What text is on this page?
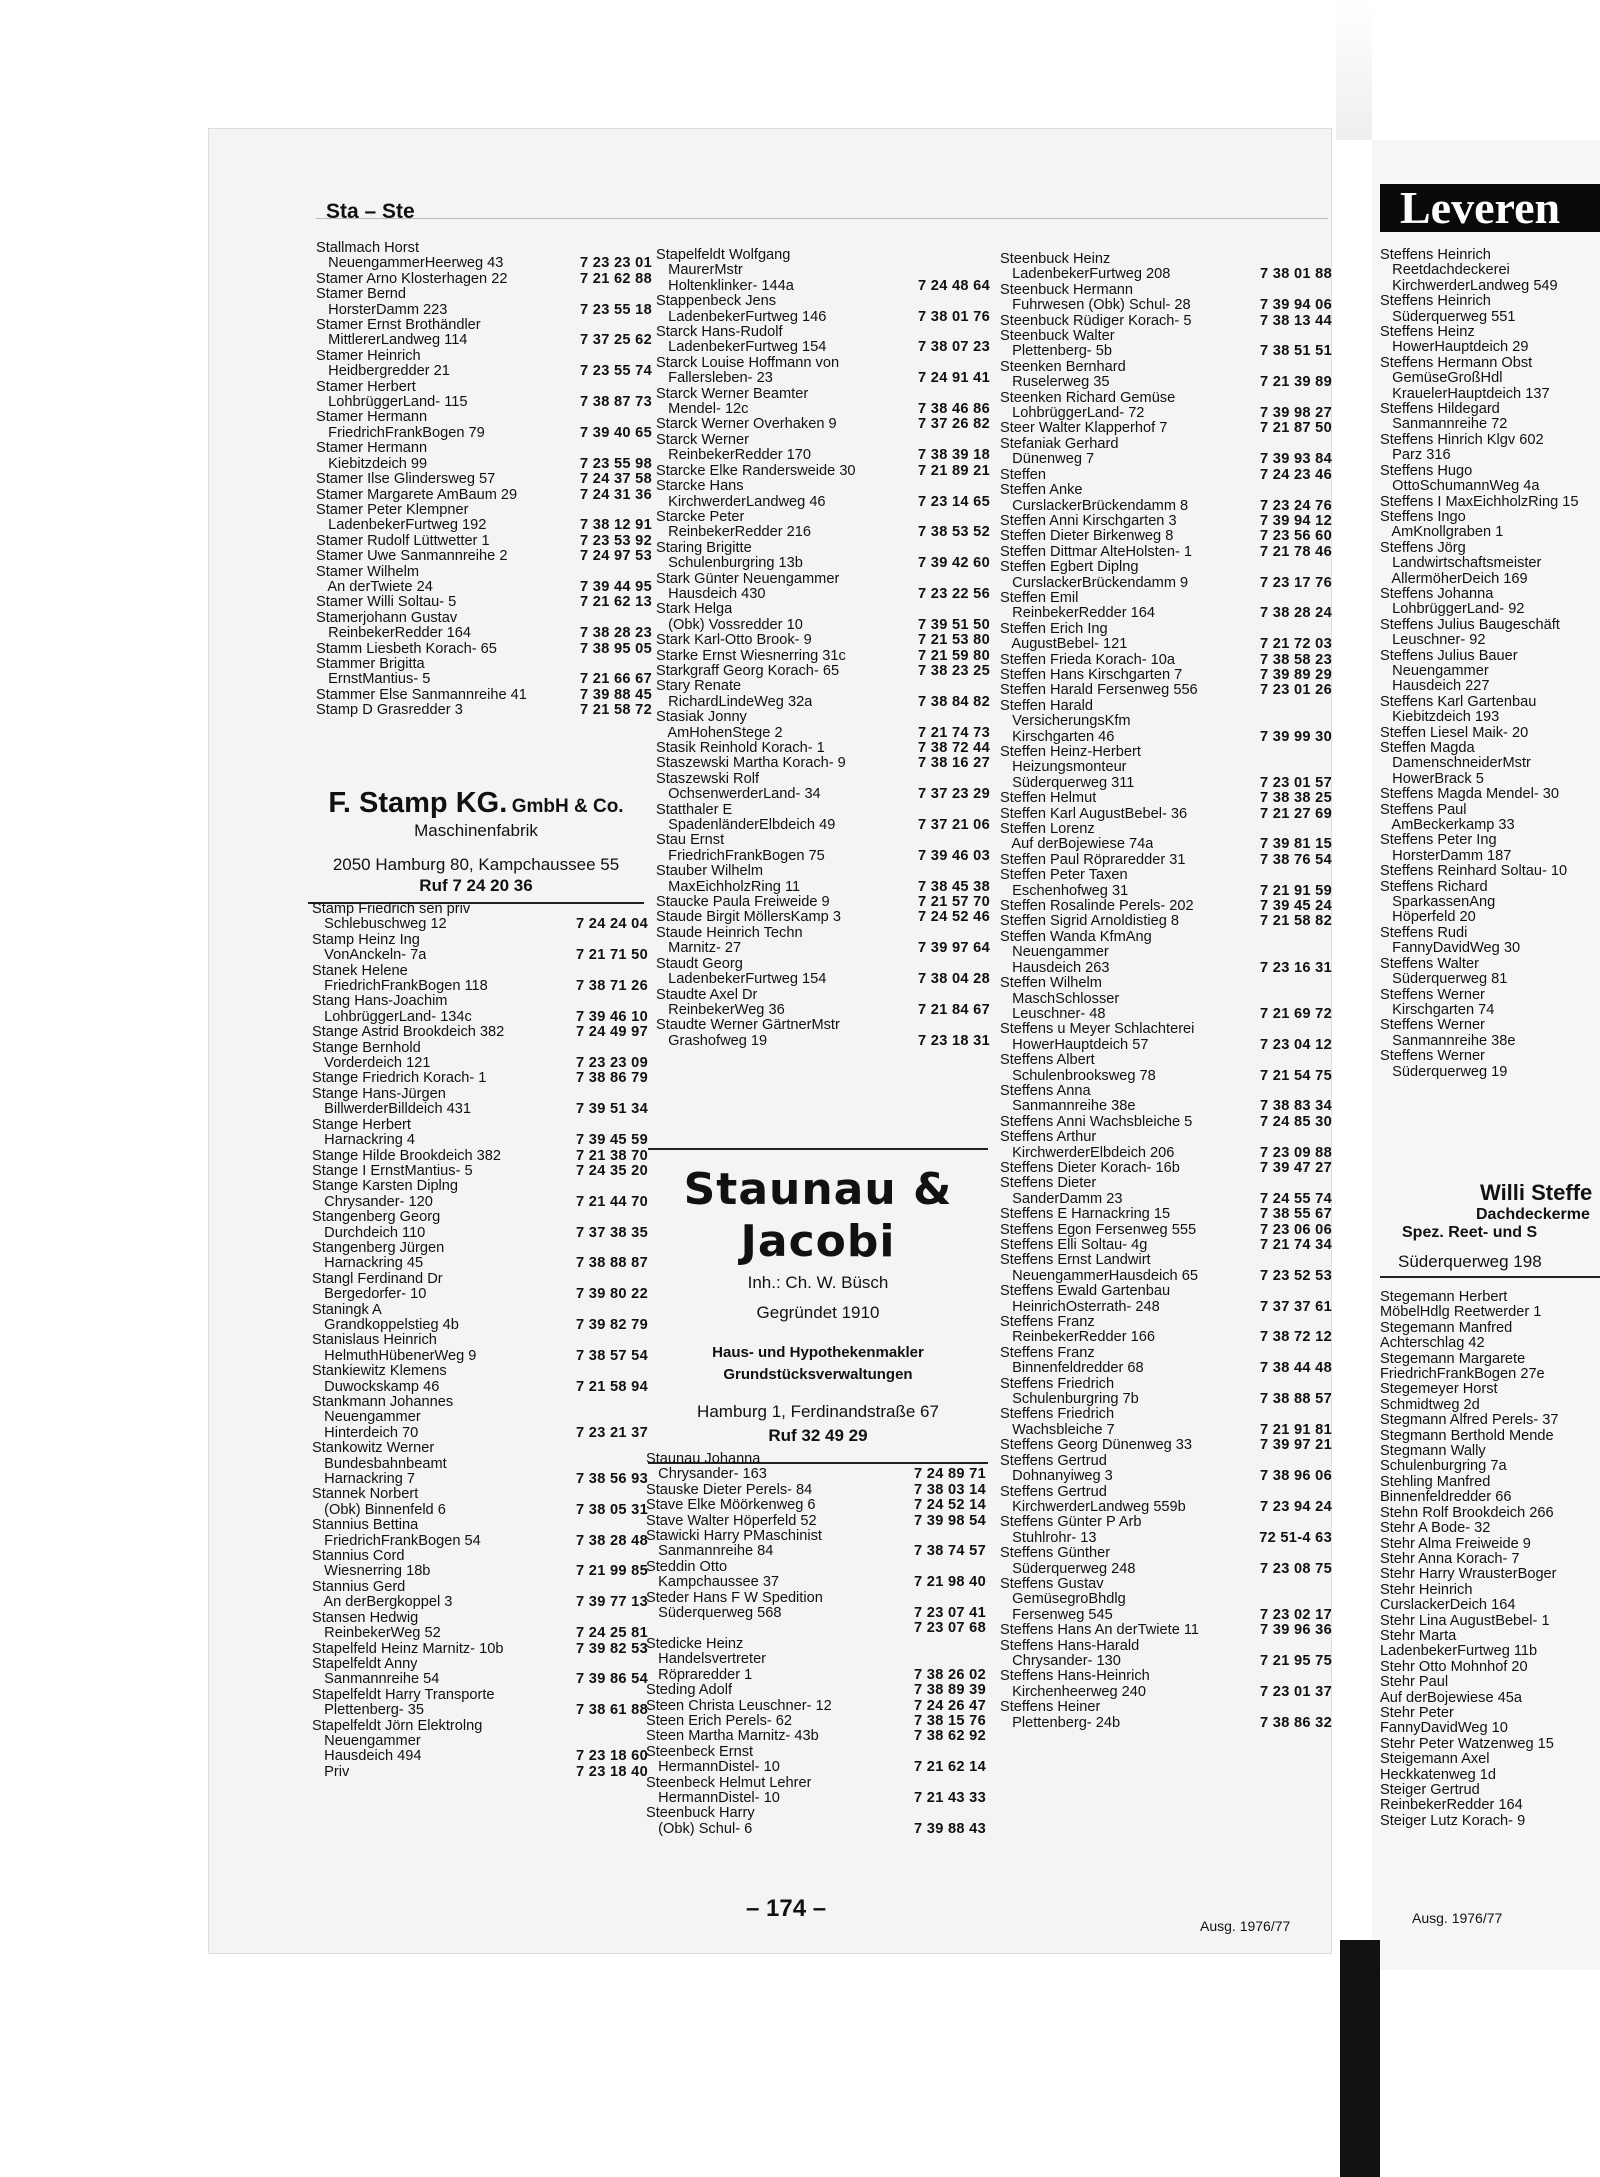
Sta – Ste
Stallmach Horst
NeuengammerHeerweg 43	7 23 23 01
Stamer Arno Klosterhagen 22	7 21 62 88
Stamer Bernd
HorsterDamm 223	7 23 55 18
Stamer Ernst Brothändler
MittlererLandweg 114	7 37 25 62
Stamer Heinrich
Heidbergredder 21	7 23 55 74
Stamer Herbert
LohbrüggerLand- 115	7 38 87 73
Stamer Hermann
FriedrichFrankBogen 79	7 39 40 65
Stamer Hermann
Kiebitzdeich 99	7 23 55 98
Stamer Ilse Glindersweg 57	7 24 37 58
Stamer Margarete AmBaum 29	7 24 31 36
Stamer Peter Klempner
LadenbekerFurtweg 192	7 38 12 91
Stamer Rudolf Lüttwetter 1	7 23 53 92
Stamer Uwe Sanmannreihe 2	7 24 97 53
Stamer Wilhelm
An derTwiete 24	7 39 44 95
Stamer Willi Soltau- 5	7 21 62 13
Stamerjohann Gustav
ReinbekerRedder 164	7 38 28 23
Stamm Liesbeth Korach- 65	7 38 95 05
Stammer Brigitta
ErnstMantius- 5	7 21 66 67
Stammer Else Sanmannreihe 41	7 39 88 45
Stamp D Grasredder 3	7 21 58 72
F. Stamp KG. GmbH & Co.
Maschinenfabrik
2050 Hamburg 80, Kampchaussee 55
Ruf 7 24 20 36
Stamp Friedrich sen priv
Schlebuschweg 12	7 24 24 04
Stamp Heinz Ing
VonAnckeln- 7a	7 21 71 50
Stanek Helene
FriedrichFrankBogen 118	7 38 71 26
Stang Hans-Joachim
LohbrüggerLand- 134c	7 39 46 10
Stange Astrid Brookdeich 382	7 24 49 97
Stange Bernhold
Vorderdeich 121	7 23 23 09
Stange Friedrich Korach- 1	7 38 86 79
Stange Hans-Jürgen
BillwerderBilldeich 431	7 39 51 34
Stange Herbert
Harnackring 4	7 39 45 59
Stange Hilde Brookdeich 382	7 21 38 70
Stange I ErnstMantius- 5	7 24 35 20
Stange Karsten Diplng
Chrysander- 120	7 21 44 70
Stangenberg Georg
Durchdeich 110	7 37 38 35
Stangenberg Jürgen
Harnackring 45	7 38 88 87
Stangl Ferdinand Dr
Bergedorfer- 10	7 39 80 22
Staningk A
Grandkoppelstieg 4b	7 39 82 79
Stanislaus Heinrich
HelmuthHübenerWeg 9	7 38 57 54
Stankiewitz Klemens
Duwockskamp 46	7 21 58 94
Stankmann Johannes
Neuengammer
Hinterdeich 70	7 23 21 37
Stankowitz Werner
Bundesbahnbeamt
Harnackring 7	7 38 56 93
Stannek Norbert
(Obk) Binnenfeld 6	7 38 05 31
Stannius Bettina
FriedrichFrankBogen 54	7 38 28 48
Stannius Cord
Wiesnerring 18b	7 21 99 85
Stannius Gerd
An derBergkoppel 3	7 39 77 13
Stansen Hedwig
ReinbekerWeg 52	7 24 25 81
Stapelfeld Heinz Marnitz- 10b	7 39 82 53
Stapelfeldt Anny
Sanmannreihe 54	7 39 86 54
Stapelfeldt Harry Transporte
Plettenberg- 35	7 38 61 88
Stapelfeldt Jörn Elektrolng
Neuengammer
Hausdeich 494	7 23 18 60
Priv	7 23 18 40
Stapelfeldt Wolfgang
MaurerMstr
Holtenklinker- 144a	7 24 48 64
Stappenbeck Jens
LadenbekerFurtweg 146	7 38 01 76
Starck Hans-Rudolf
LadenbekerFurtweg 154	7 38 07 23
Starck Louise Hoffmann von
Fallersleben- 23	7 24 91 41
Starck Werner Beamter
Mendel- 12c	7 38 46 86
Starck Werner Overhaken 9	7 37 26 82
Starck Werner
ReinbekerRedder 170	7 38 39 18
Starcke Elke Randersweide 30	7 21 89 21
Starcke Hans
KirchwerderLandweg 46	7 23 14 65
Starcke Peter
ReinbekerRedder 216	7 38 53 52
Staring Brigitte
Schulenburgring 13b	7 39 42 60
Stark Günter Neuengammer
Hausdeich 430	7 23 22 56
Stark Helga
(Obk) Vossredder 10	7 39 51 50
Stark Karl-Otto Brook- 9	7 21 53 80
Starke Ernst Wiesnerring 31c	7 21 59 80
Starkgraff Georg Korach- 65	7 38 23 25
Stary Renate
RichardLindeWeg 32a	7 38 84 82
Stasiak Jonny
AmHohenStege 2	7 21 74 73
Stasik Reinhold Korach- 1	7 38 72 44
Staszewski Martha Korach- 9	7 38 16 27
Staszewski Rolf
OchsenwerderLand- 34	7 37 23 29
Statthaler E
SpadenländerElbdeich 49	7 37 21 06
Stau Ernst
FriedrichFrankBogen 75	7 39 46 03
Stauber Wilhelm
MaxEichholzRing 11	7 38 45 38
Staucke Paula Freiweide 9	7 21 57 70
Staude Birgit MöllersKamp 3	7 24 52 46
Staude Heinrich Techn
Marnitz- 27	7 39 97 64
Staudt Georg
LadenbekerFurtweg 154	7 38 04 28
Staudte Axel Dr
ReinbekerWeg 36	7 21 84 67
Staudte Werner GärtnerMstr
Grashofweg 19	7 23 18 31
Staunau & Jacobi
Inh.: Ch. W. Büsch
Gegründet 1910
Haus- und Hypothekenmakler
Grundstücksverwaltungen
Hamburg 1, Ferdinandstraße 67
Ruf 32 49 29
Staunau Johanna
Chrysander- 163	7 24 89 71
Stauske Dieter Perels- 84	7 38 03 14
Stave Elke Möörkenweg 6	7 24 52 14
Stave Walter Höperfeld 52	7 39 98 54
Stawicki Harry PMaschinist
Sanmannreihe 84	7 38 74 57
Steddin Otto
Kampchaussee 37	7 21 98 40
Steder Hans F W Spedition
Süderquerweg 568	7 23 07 41
7 23 07 68
Stedicke Heinz
Handelsvertreter
Röpraredder 1	7 38 26 02
Steding Adolf	7 38 89 39
Steen Christa Leuschner- 12	7 24 26 47
Steen Erich Perels- 62	7 38 15 76
Steen Martha Marnitz- 43b	7 38 62 92
Steenbeck Ernst
HermannDistel- 10	7 21 62 14
Steenbeck Helmut Lehrer
HermannDistel- 10	7 21 43 33
Steenbuck Harry
(Obk) Schul- 6	7 39 88 43
Steenbuck Heinz
LadenbekerFurtweg 208	7 38 01 88
Steenbuck Hermann
Fuhrwesen (Obk) Schul- 28	7 39 94 06
Steenbuck Rüdiger Korach- 5	7 38 13 44
Steenbuck Walter
Plettenberg- 5b	7 38 51 51
Steenken Bernhard
Ruselerweg 35	7 21 39 89
Steenken Richard Gemüse
LohbrüggerLand- 72	7 39 98 27
Steer Walter Klapperhof 7	7 21 87 50
Stefaniak Gerhard
Dünenweg 7	7 39 93 84
Steffen	7 24 23 46
Steffen Anke
CurslackerBrückendamm 8	7 23 24 76
Steffen Anni Kirschgarten 3	7 39 94 12
Steffen Dieter Birkenweg 8	7 23 56 60
Steffen Dittmar AlteHolsten- 1	7 21 78 46
Steffen Egbert Diplng
CurslackerBrückendamm 9	7 23 17 76
Steffen Emil
ReinbekerRedder 164	7 38 28 24
Steffen Erich Ing
AugustBebel- 121	7 21 72 03
Steffen Frieda Korach- 10a	7 38 58 23
Steffen Hans Kirschgarten 7	7 39 89 29
Steffen Harald Fersenweg 556	7 23 01 26
Steffen Harald
VersicherungsKfm
Kirschgarten 46	7 39 99 30
Steffen Heinz-Herbert
Heizungsmonteur
Süderquerweg 311	7 23 01 57
Steffen Helmut	7 38 38 25
Steffen Karl AugustBebel- 36	7 21 27 69
Steffen Lorenz
Auf derBojewiese 74a	7 39 81 15
Steffen Paul Röpraredder 31	7 38 76 54
Steffen Peter Taxen
Eschenhofweg 31	7 21 91 59
Steffen Rosalinde Perels- 202	7 39 45 24
Steffen Sigrid Arnoldistieg 8	7 21 58 82
Steffen Wanda KfmAng
Neuengammer
Hausdeich 263	7 23 16 31
Steffen Wilhelm
MaschSchlosser
Leuschner- 48	7 21 69 72
Steffens u Meyer Schlachterei
HowerHauptdeich 57	7 23 04 12
Steffens Albert
Schulenbrooksweg 78	7 21 54 75
Steffens Anna
Sanmannreihe 38e	7 38 83 34
Steffens Anni Wachsbleiche 5	7 24 85 30
Steffens Arthur
KirchwerderElbdeich 206	7 23 09 88
Steffens Dieter Korach- 16b	7 39 47 27
Steffens Dieter
SanderDamm 23	7 24 55 74
Steffens E Harnackring 15	7 38 55 67
Steffens Egon Fersenweg 555	7 23 06 06
Steffens Elli Soltau- 4g	7 21 74 34
Steffens Ernst Landwirt
NeuengammerHausdeich 65	7 23 52 53
Steffens Ewald Gartenbau
HeinrichOsterrath- 248	7 37 37 61
Steffens Franz
ReinbekerRedder 166	7 38 72 12
Steffens Franz
Binnenfeldredder 68	7 38 44 48
Steffens Friedrich
Schulenburgring 7b	7 38 88 57
Steffens Friedrich
Wachsbleiche 7	7 21 91 81
Steffens Georg Dünenweg 33	7 39 97 21
Steffens Gertrud
Dohnanyiweg 3	7 38 96 06
Steffens Gertrud
KirchwerderLandweg 559b	7 23 94 24
Steffens Günter P Arb
Stuhlrohr- 13	72 51-4 63
Steffens Günther
Süderquerweg 248	7 23 08 75
Steffens Gustav
GemüsegroBhdlg
Fersenweg 545	7 23 02 17
Steffens Hans An derTwiete 11	7 39 96 36
Steffens Hans-Harald
Chrysander- 130	7 21 95 75
Steffens Hans-Heinrich
Kirchenheerweg 240	7 23 01 37
Steffens Heiner
Plettenberg- 24b	7 38 86 32
– 174 –
Ausg. 1976/77
Leveren
Steffens Heinrich
Reetdachdeckerei
KirchwerderLandweg 549
Steffens Heinrich
Süderquerweg 551
Steffens Heinz
HowerHauptdeich 29
Steffens Hermann Obst
GemüseGroßHdl
KrauelerHauptdeich 137
Steffens Hildegard
Sanmannreihe 72
Steffens Hinrich Klgv 602
Parz 316
Steffens Hugo
OttoSchumannWeg 4a
Steffens I MaxEichholzRing 15
Steffens Ingo
AmKnollgraben 1
Steffens Jörg
Landwirtschaftsmeister
AllermöherDeich 169
Steffens Johanna
LohbrüggerLand- 92
Steffens Julius Baugeschäft
Leuschner- 92
Steffens Julius Bauer
Neuengammer
Hausdeich 227
Steffens Karl Gartenbau
Kiebitzdeich 193
Steffen Liesel Maik- 20
Steffen Magda
DamenschneiderMstr
HowerBrack 5
Steffens Magda Mendel- 30
Steffens Paul
AmBeckerkamp 33
Steffens Peter Ing
HorsterDamm 187
Steffens Reinhard Soltau- 10
Steffens Richard
SparkassenAng
Höperfeld 20
Steffens Rudi
FannyDavidWeg 30
Steffens Walter
Süderquerweg 81
Steffens Werner
Kirschgarten 74
Steffens Werner
Sanmannreihe 38e
Steffens Werner
Süderquerweg 19
Willi Steffe
Dachdeckerme
Spez. Reet- und S
Süderquerweg 198
Stegemann Herbert
MöbelHdlg Reetwerder 1
Stegemann Manfred
Achterschlag 42
Stegemann Margarete
FriedrichFrankBogen 27e
Stegemeyer Horst
Schmidtweg 2d
Stegmann Alfred Perels- 37
Stegmann Berthold Mende
Stegmann Wally
Schulenburgring 7a
Stehling Manfred
Binnenfeldredder 66
Stehn Rolf Brookdeich 266
Stehr A Bode- 32
Stehr Alma Freiweide 9
Stehr Anna Korach- 7
Stehr Harry WrausterBoger
Stehr Heinrich
CurslackerDeich 164
Stehr Lina AugustBebel- 1
Stehr Marta
LadenbekerFurtweg 11b
Stehr Otto Mohnhof 20
Stehr Paul
Auf derBojewiese 45a
Stehr Peter
FannyDavidWeg 10
Stehr Peter Watzenweg 15
Steigemann Axel
Heckkatenweg 1d
Steiger Gertrud
ReinbekerRedder 164
Steiger Lutz Korach- 9
Ausg. 1976/77
